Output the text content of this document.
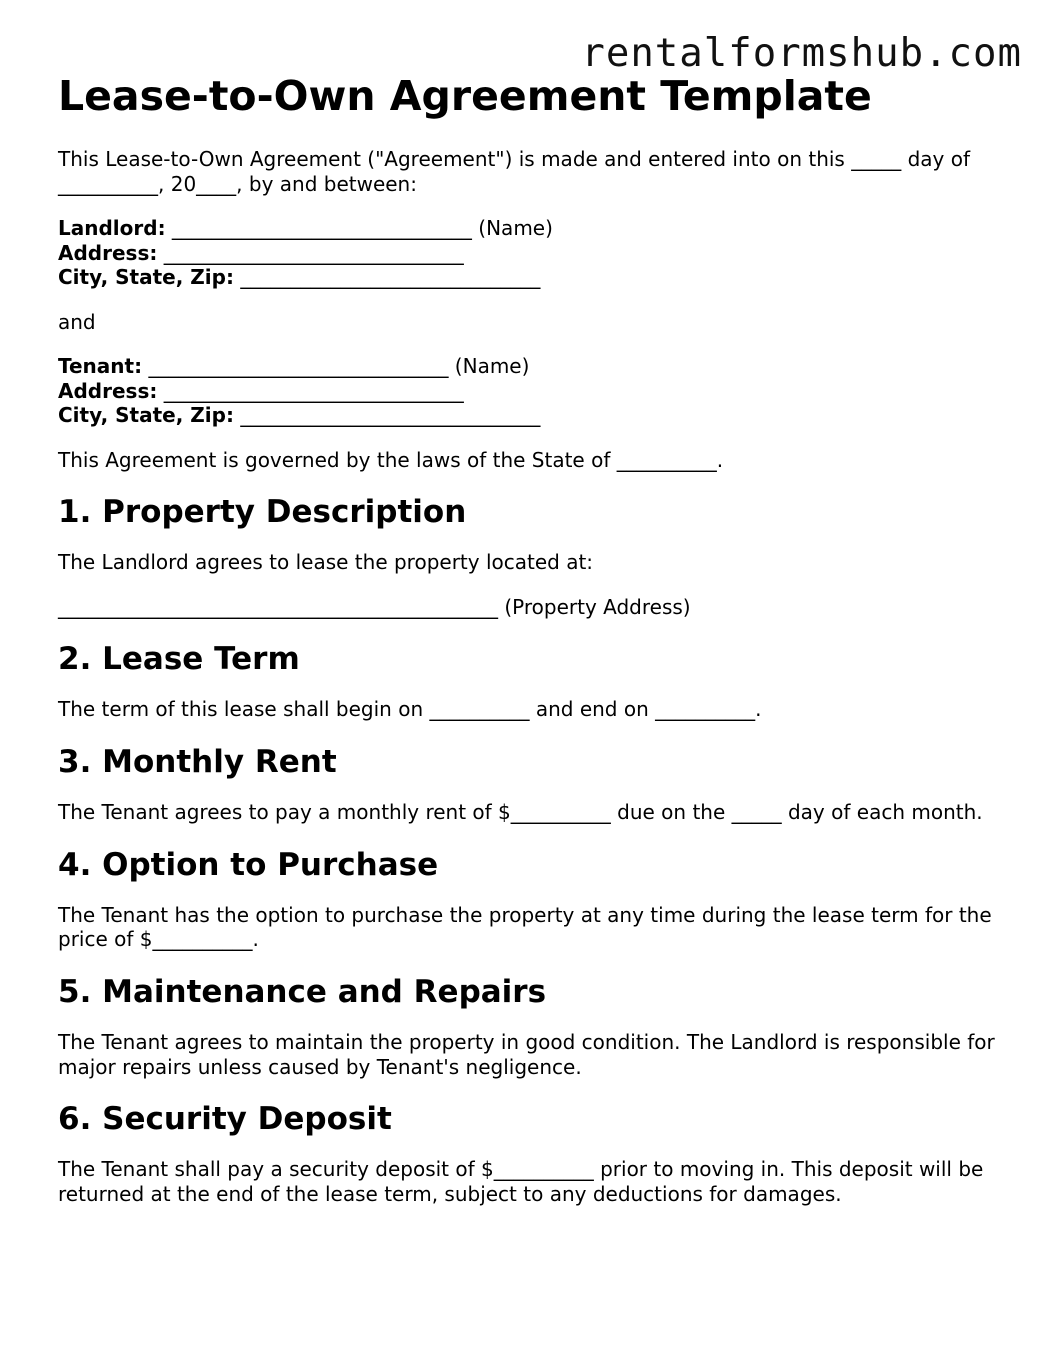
rentalformshub.com
Lease-to-Own Agreement Template

This Lease-to-Own Agreement ("Agreement") is made and entered into on this _____ day of __________, 20____, by and between:

Landlord: ______________________________ (Name)

Address: ______________________________

City, State, Zip: ______________________________

and

Tenant: ______________________________ (Name)

Address: ______________________________

City, State, Zip: ______________________________

This Agreement is governed by the laws of the State of __________.

1. Property Description

The Landlord agrees to lease the property located at:

____________________________________________ (Property Address)

2. Lease Term

The term of this lease shall begin on __________ and end on __________.

3. Monthly Rent

The Tenant agrees to pay a monthly rent of $__________ due on the _____ day of each month.

4. Option to Purchase

The Tenant has the option to purchase the property at any time during the lease term for the price of $__________.

5. Maintenance and Repairs

The Tenant agrees to maintain the property in good condition. The Landlord is responsible for major repairs unless caused by Tenant's negligence.

6. Security Deposit

The Tenant shall pay a security deposit of $__________ prior to moving in. This deposit will be returned at the end of the lease term, subject to any deductions for damages.
